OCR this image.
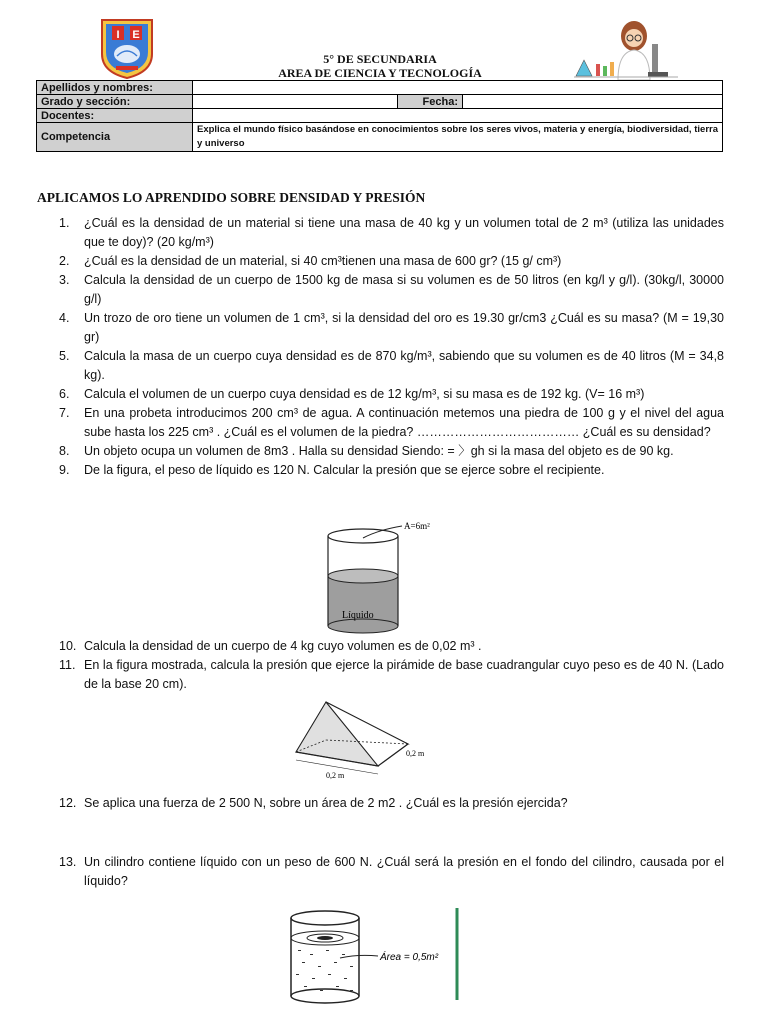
I E
5° DE SECUNDARIA
AREA DE CIENCIA Y TECNOLOGÍA
Apellidos y nombres:			
Grado y sección:		Fecha:	
Docentes:			
Competencia	Explica el mundo físico basándose en conocimientos sobre los seres vivos, materia y energía, biodiversidad, tierra y universo		
APLICAMOS LO APRENDIDO SOBRE DENSIDAD Y PRESIÓN
1. ¿Cuál es la densidad de un material si tiene una masa de 40 kg y un volumen total de 2 m³ (utiliza las unidades que te doy)? (20 kg/m³)
2. ¿Cuál es la densidad de un material, si 40 cm³tienen una masa de 600 gr? (15 g/ cm³)
3. Calcula la densidad de un cuerpo de 1500 kg de masa si su volumen es de 50 litros (en kg/l y g/l). (30kg/l, 30000 g/l)
4. Un trozo de oro tiene un volumen de 1 cm³, si la densidad del oro es 19.30 gr/cm3 ¿Cuál es su masa? (M = 19,30 gr)
5. Calcula la masa de un cuerpo cuya densidad es de 870 kg/m³, sabiendo que su volumen es de 40 litros (M = 34,8 kg).
6. Calcula el volumen de un cuerpo cuya densidad es de 12 kg/m³, si su masa es de 192 kg. (V= 16 m³)
7. En una probeta introducimos 200 cm³ de agua. A continuación metemos una piedra de 100 g y el nivel del agua sube hasta los 225 cm³ . ¿Cuál es el volumen de la piedra? ………………………………… ¿Cuál es su densidad?
8. Un objeto ocupa un volumen de 8m3 . Halla su densidad Siendo: = 〉gh si la masa del objeto es de 90 kg.
9. De la figura, el peso de líquido es 120 N. Calcular la presión que se ejerce sobre el recipiente.
A=6m²
Líquido
10. Calcula la densidad de un cuerpo de 4 kg cuyo volumen es de 0,02 m³ .
11. En la figura mostrada, calcula la presión que ejerce la pirámide de base cuadrangular cuyo peso es de 40 N. (Lado de la base 20 cm).
0,2 m
0,2 m
12. Se aplica una fuerza de 2 500 N, sobre un área de 2 m2 . ¿Cuál es la presión ejercida?
13. Un cilindro contiene líquido con un peso de 600 N. ¿Cuál será la presión en el fondo del cilindro, causada por el líquido?
Área = 0,5m²
